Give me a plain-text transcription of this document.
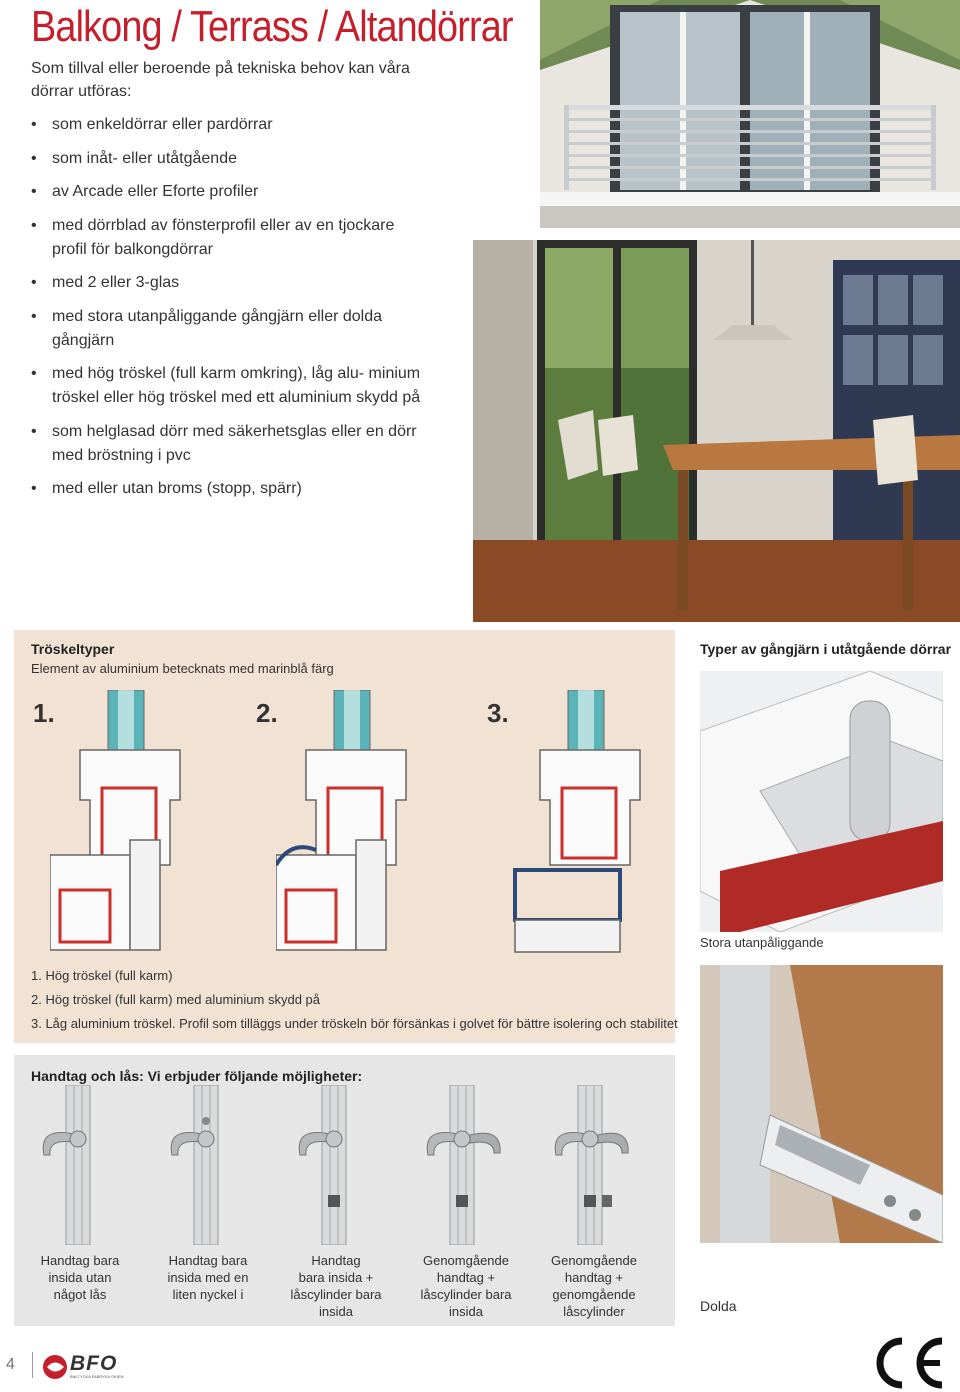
Balkong / Terrass / Altandörrar
Som tillval eller beroende på tekniska behov kan våra dörrar utföras:
• som enkeldörrar eller pardörrar
• som inåt- eller utåtgående
• av Arcade eller Eforte profiler
• med dörrblad av fönsterprofil eller av en tjockare profil för balkongdörrar
• med 2 eller 3-glas
• med stora utanpåliggande gångjärn eller dolda gångjärn
• med hög tröskel (full karm omkring), låg alu- minium tröskel eller hög tröskel med ett aluminium skydd på
• som helglasad dörr med säkerhetsglas eller en dörr med bröstning i pvc
• med eller utan broms (stopp, spärr)
Tröskeltyper
Element av aluminium betecknats med marinblå färg
1.	2.	3.
1. Hög tröskel (full karm)
2. Hög tröskel (full karm) med aluminium skydd på
3. Låg aluminium tröskel. Profil som tilläggs under tröskeln bör försänkas i golvet för bättre isolering och stabilitet
Typer av gångjärn i utåtgående dörrar
Stora utanpåliggande
Dolda
Handtag och lås: Vi erbjuder följande möjligheter:
Handtag bara
insida utan
något lås
Handtag bara
insida med en
liten nyckel i
Handtag
bara insida +
låscylinder bara
insida
Genomgående
handtag +
låscylinder bara
insida
Genomgående
handtag +
genomgående
låscylinder
4	BFO
BAŁTYCKA FABRYKA OKIEN
